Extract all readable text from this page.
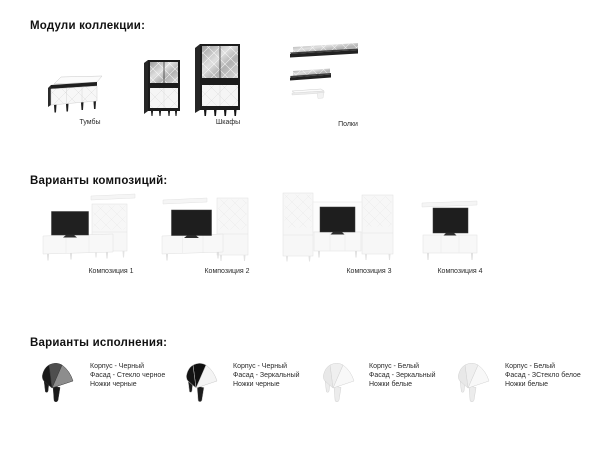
Модули коллекции:
Тумбы	Шкафы	Полки
Варианты композиций:
Композиция 1	Композиция 2	Композиция 3	Композиция 4
Варианты исполнения:
Корпус - Черный
Фасад - Стекло черное
Ножки черные
Корпус - Черный
Фасад - Зеркальный
Ножки черные
Корпус - Белый
Фасад - Зеркальный
Ножки белые
Корпус - Белый
Фасад - ЗСтекло белое
Ножки белые
